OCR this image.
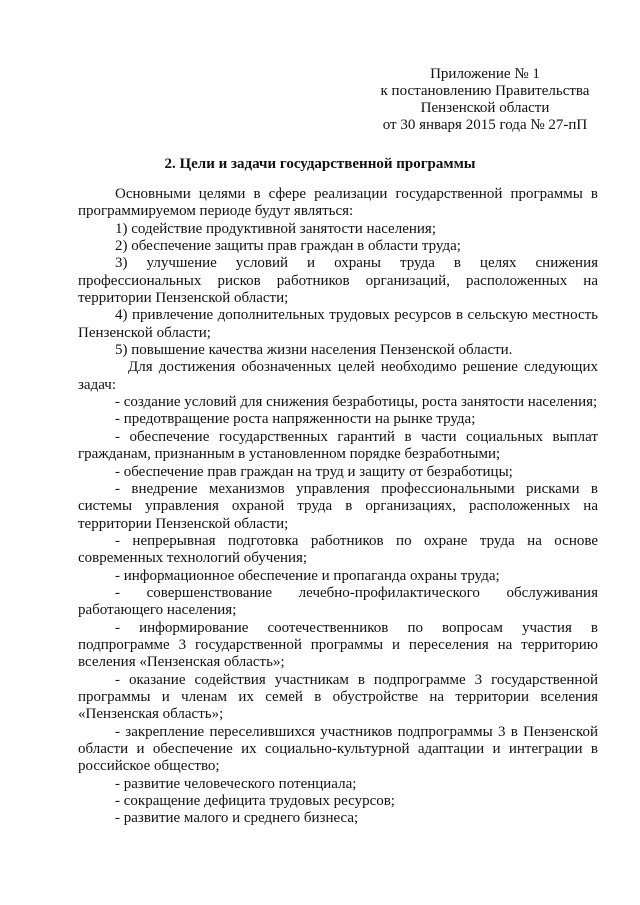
Приложение № 1
к постановлению Правительства
Пензенской области
от 30 января 2015 года № 27-пП
2. Цели и задачи государственной программы

Основными целями в сфере реализации государственной программы в программируемом периоде будут являться:

1) содействие продуктивной занятости населения;

2) обеспечение защиты прав граждан в области труда;

3) улучшение условий и охраны труда в целях снижения профессиональных рисков работников организаций, расположенных на территории Пензенской области;

4) привлечение дополнительных трудовых ресурсов в сельскую местность Пензенской области;

5) повышение качества жизни населения Пензенской области.

Для достижения обозначенных целей необходимо решение следующих задач:

- создание условий для снижения безработицы, роста занятости населения;

- предотвращение роста напряженности на рынке труда;

- обеспечение государственных гарантий в части социальных выплат гражданам, признанным в установленном порядке безработными;

- обеспечение прав граждан на труд и защиту от безработицы;

- внедрение механизмов управления профессиональными рисками в системы управления охраной труда в организациях, расположенных на территории Пензенской области;

- непрерывная подготовка работников по охране труда на основе современных технологий обучения;

- информационное обеспечение и пропаганда охраны труда;

- совершенствование лечебно-профилактического обслуживания работающего населения;

- информирование соотечественников по вопросам участия в подпрограмме 3 государственной программы и переселения на территорию вселения «Пензенская область»;

- оказание содействия участникам в подпрограмме 3 государственной программы и членам их семей в обустройстве на территории вселения «Пензенская область»;

- закрепление переселившихся участников подпрограммы 3 в Пензенской области и обеспечение их социально-культурной адаптации и интеграции в российское общество;

- развитие человеческого потенциала;

- сокращение дефицита трудовых ресурсов;

- развитие малого и среднего бизнеса;
